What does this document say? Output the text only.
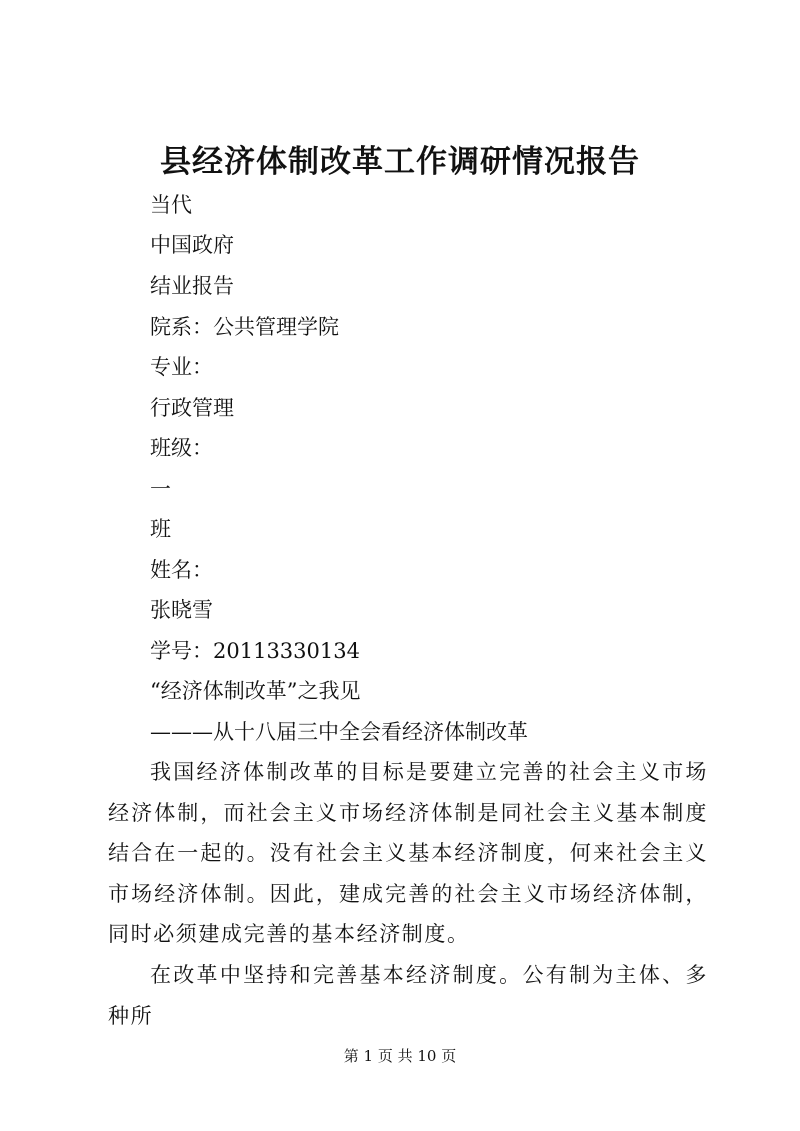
县经济体制改革工作调研情况报告
当代
中国政府
结业报告
院系：公共管理学院
专业：
行政管理
班级：
一
班
姓名：
张晓雪
学号：20113330134
“经济体制改革”之我见
———从十八届三中全会看经济体制改革
我国经济体制改革的目标是要建立完善的社会主义市场经济体制，而社会主义市场经济体制是同社会主义基本制度结合在一起的。没有社会主义基本经济制度，何来社会主义市场经济体制。因此，建成完善的社会主义市场经济体制，同时必须建成完善的基本经济制度。
在改革中坚持和完善基本经济制度。公有制为主体、多种所
第 1 页 共 10 页
